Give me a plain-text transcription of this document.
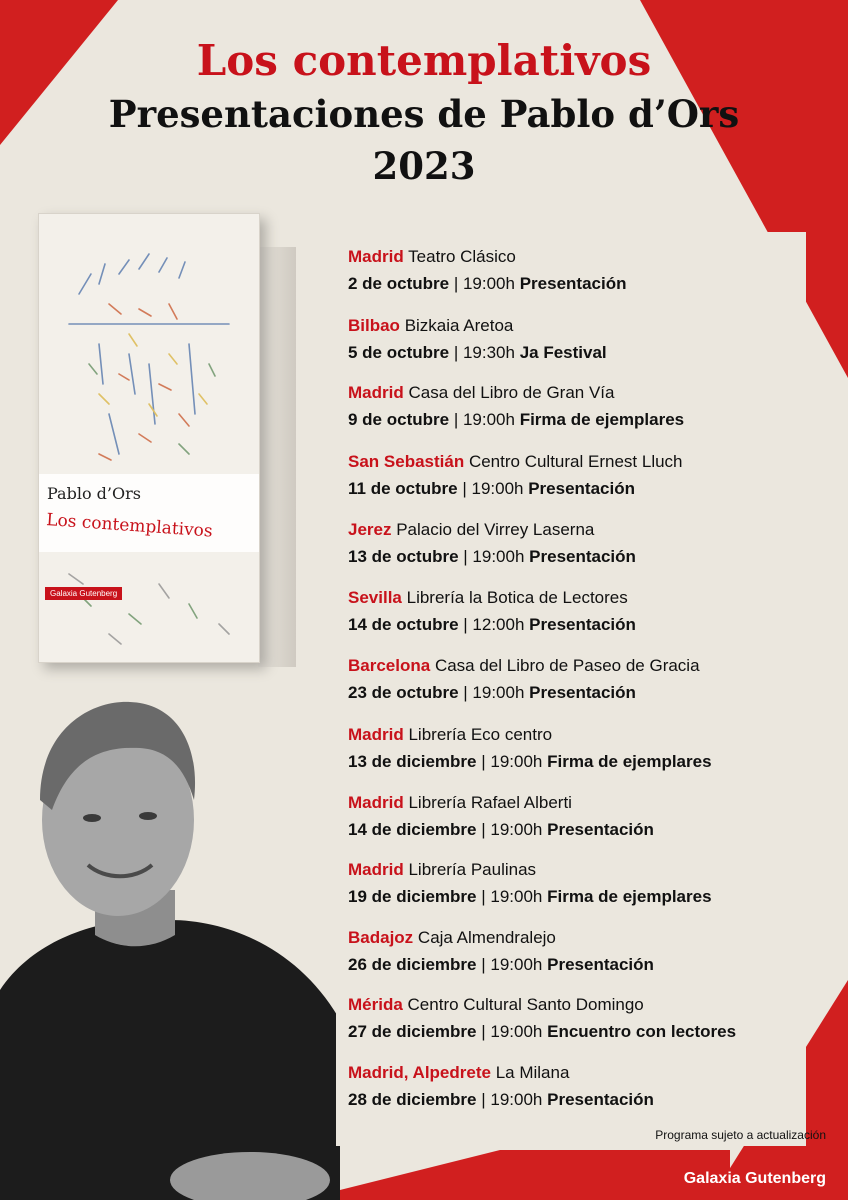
Los contemplativos

Presentaciones de Pablo d’Ors

2023

Pablo d’Ors
Los contemplativos
Galaxia Gutenberg
Madrid Teatro Clásico
2 de octubre | 19:00h Presentación
Bilbao Bizkaia Aretoa
5 de octubre | 19:30h Ja Festival
Madrid Casa del Libro de Gran Vía
9 de octubre | 19:00h Firma de ejemplares
San Sebastián Centro Cultural Ernest Lluch
11 de octubre | 19:00h Presentación
Jerez Palacio del Virrey Laserna
13 de octubre | 19:00h Presentación
Sevilla Librería la Botica de Lectores
14 de octubre | 12:00h Presentación
Barcelona Casa del Libro de Paseo de Gracia
23 de octubre | 19:00h Presentación
Madrid Librería Eco centro
13 de diciembre | 19:00h Firma de ejemplares
Madrid Librería Rafael Alberti
14 de diciembre | 19:00h Presentación
Madrid Librería Paulinas
19 de diciembre | 19:00h Firma de ejemplares
Badajoz Caja Almendralejo
26 de diciembre | 19:00h Presentación
Mérida Centro Cultural Santo Domingo
27 de diciembre | 19:00h Encuentro con lectores
Madrid, Alpedrete La Milana
28 de diciembre | 19:00h Presentación
Programa sujeto a actualización
Galaxia Gutenberg
